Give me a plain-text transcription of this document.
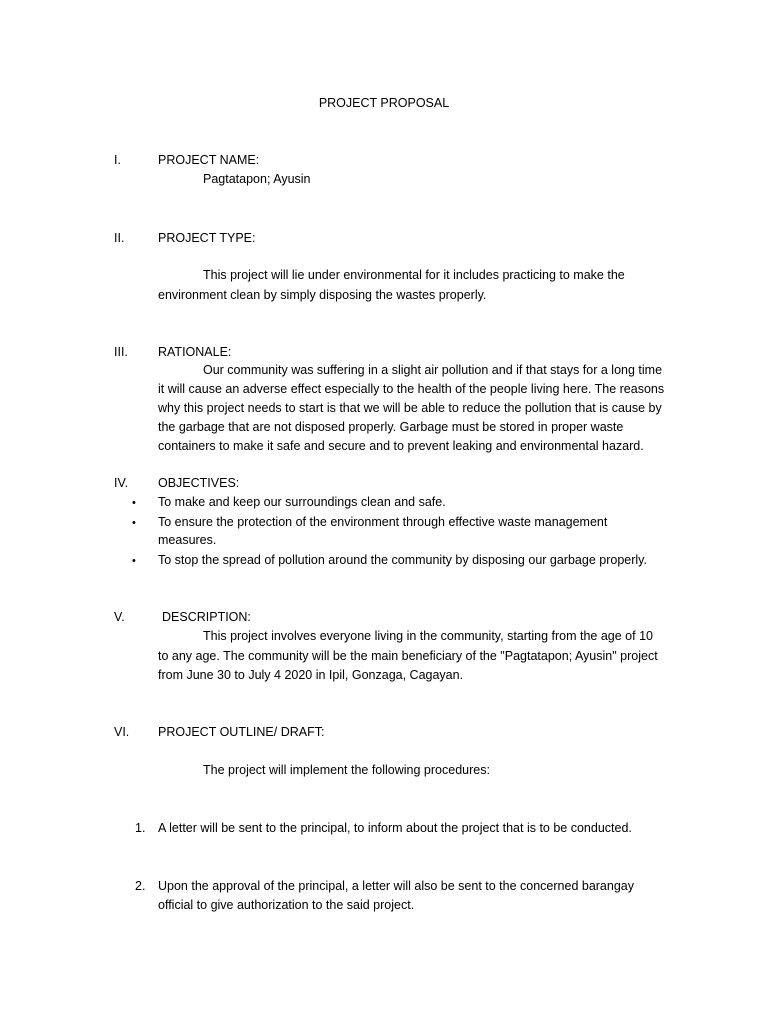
PROJECT PROPOSAL
I.	PROJECT NAME:
Pagtatapon; Ayusin
II.	PROJECT TYPE:
This project will lie under environmental for it includes practicing to make the
environment clean by simply disposing the wastes properly.
III. RATIONALE:
Our community was suffering in a slight air pollution and if that stays for a long time
it will cause an adverse effect especially to the health of the people living here. The reasons
why this project needs to start is that we will be able to reduce the pollution that is cause by
the garbage that are not disposed properly. Garbage must be stored in proper waste
containers to make it safe and secure and to prevent leaking and environmental hazard.
IV. OBJECTIVES:
• To make and keep our surroundings clean and safe.
• To ensure the protection of the environment through effective waste management
measures.
• To stop the spread of pollution around the community by disposing our garbage properly.
V.	DESCRIPTION:
This project involves everyone living in the community, starting from the age of 10
to any age. The community will be the main beneficiary of the "Pagtatapon; Ayusin" project
from June 30 to July 4 2020 in Ipil, Gonzaga, Cagayan.
VI. PROJECT OUTLINE/ DRAFT:
The project will implement the following procedures:
1. A letter will be sent to the principal, to inform about the project that is to be conducted.
2. Upon the approval of the principal, a letter will also be sent to the concerned barangay
official to give authorization to the said project.
